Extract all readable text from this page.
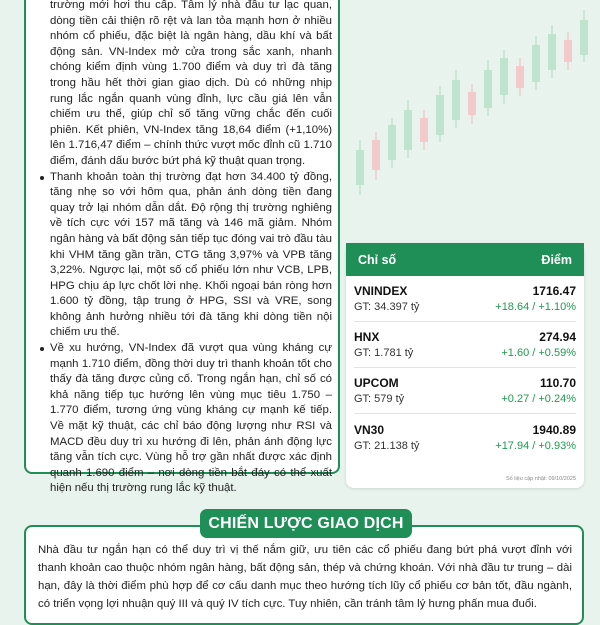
trường mới hơi thu cấp. Tâm lý nhà đầu tư lạc quan, dòng tiền cải thiện rõ rệt và lan tỏa mạnh hơn ở nhiều nhóm cổ phiếu, đặc biệt là ngân hàng, dầu khí và bất động sản. VN-Index mở cửa trong sắc xanh, nhanh chóng kiểm định vùng 1.700 điểm và duy trì đà tăng trong hầu hết thời gian giao dịch. Dù có những nhịp rung lắc ngắn quanh vùng đỉnh, lực cầu giá lên vẫn chiếm ưu thế, giúp chỉ số tăng vững chắc đến cuối phiên. Kết phiên, VN-Index tăng 18,64 điểm (+1,10%) lên 1.716,47 điểm – chính thức vượt mốc đỉnh cũ 1.710 điểm, đánh dấu bước bứt phá kỹ thuật quan trọng.

Thanh khoản toàn thị trường đạt hơn 34.400 tỷ đồng, tăng nhẹ so với hôm qua, phản ánh dòng tiền đang quay trở lại nhóm dẫn dắt. Độ rộng thị trường nghiêng về tích cực với 157 mã tăng và 146 mã giảm. Nhóm ngân hàng và bất động sản tiếp tục đóng vai trò đầu tàu khi VHM tăng gần trần, CTG tăng 3,97% và VPB tăng 3,22%. Ngược lại, một số cổ phiếu lớn như VCB, LPB, HPG chịu áp lực chốt lời nhẹ. Khối ngoại bán ròng hơn 1.600 tỷ đồng, tập trung ở HPG, SSI và VRE, song không ảnh hưởng nhiều tới đà tăng khi dòng tiền nội chiếm ưu thế.
Về xu hướng, VN-Index đã vượt qua vùng kháng cự mạnh 1.710 điểm, đồng thời duy trì thanh khoản tốt cho thấy đà tăng được củng cố. Trong ngắn hạn, chỉ số có khả năng tiếp tục hướng lên vùng mục tiêu 1.750 – 1.770 điểm, tương ứng vùng kháng cự mạnh kế tiếp. Về mặt kỹ thuật, các chỉ báo động lượng như RSI và MACD đều duy trì xu hướng đi lên, phản ánh động lực tăng vẫn tích cực. Vùng hỗ trợ gần nhất được xác định quanh 1.690 điểm – nơi dòng tiền bắt đáy có thể xuất hiện nếu thị trường rung lắc kỹ thuật.
Chỉ số	Điểm
VNINDEX
GT: 34.397 tỷ
1716.47
+18.64 / +1.10%
HNX
GT: 1.781 tỷ
274.94
+1.60 / +0.59%
UPCOM
GT: 579 tỷ
110.70
+0.27 / +0.24%
VN30
GT: 21.138 tỷ
1940.89
+17.94 / +0.93%
Số liệu cập nhật: 09/10/2025

Nhà đầu tư ngắn hạn có thể duy trì vị thế nắm giữ, ưu tiên các cổ phiếu đang bứt phá vượt đỉnh với thanh khoản cao thuộc nhóm ngân hàng, bất động sản, thép và chứng khoán. Với nhà đầu tư trung – dài hạn, đây là thời điểm phù hợp để cơ cấu danh mục theo hướng tích lũy cổ phiếu cơ bản tốt, đầu ngành, có triển vọng lợi nhuận quý III và quý IV tích cực. Tuy nhiên, cần tránh tâm lý hưng phấn mua đuổi.

CHIẾN LƯỢC GIAO DỊCH
